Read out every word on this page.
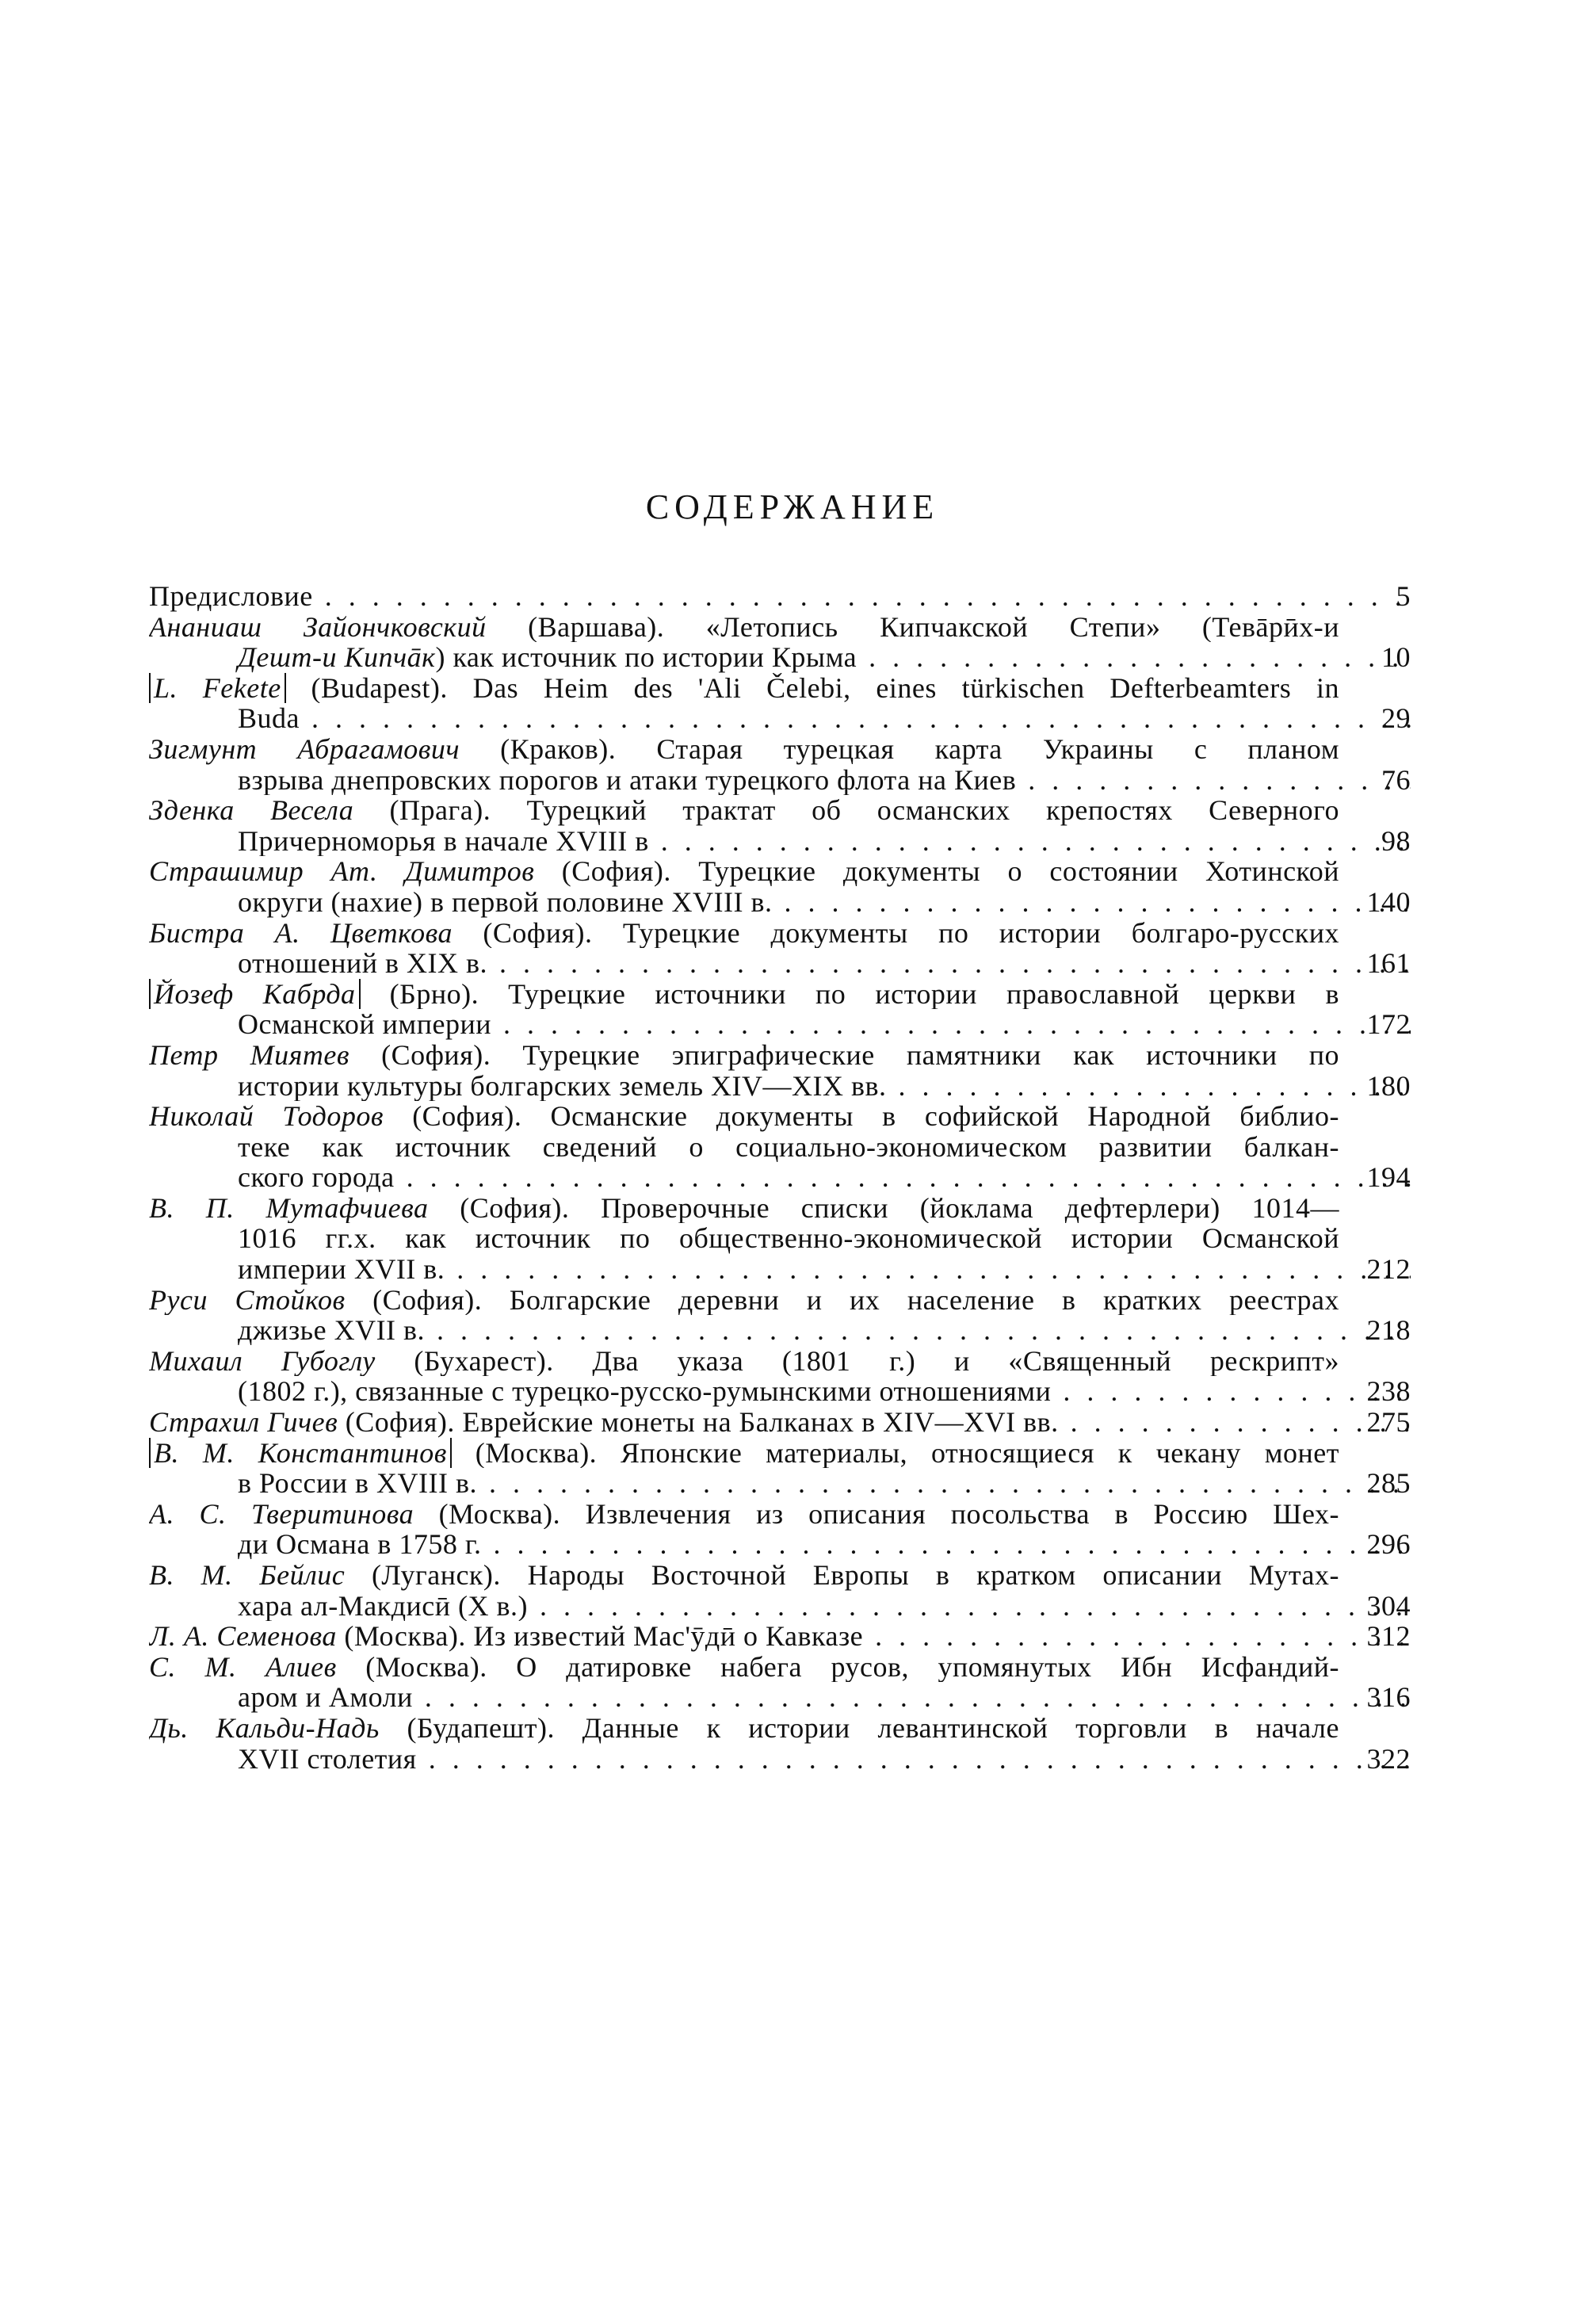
СОДЕРЖАНИЕ
Предисловие . . .	5
Ананиаш Зайончковский (Варшава). «Летопись Кипчакской Степи» (Тевāрӣх-и
Дешт-и Кипчāк) как источник по истории Крыма . . .	10
L. Fekete (Budapest). Das Heim des 'Ali Čelebi, eines türkischen Defterbeamters in
Buda . . .	29
Зигмунт Абрагамович (Краков). Старая турецкая карта Украины с планом
взрыва днепровских порогов и атаки турецкого флота на Киев . . .	76
Зденка Весела (Прага). Турецкий трактат об османских крепостях Северного
Причерноморья в начале XVIII в . . .	98
Страшимир Ат. Димитров (София). Турецкие документы о состоянии Хотинской
округи (нахие) в первой половине XVIII в. . . .	140
Бистра А. Цветкова (София). Турецкие документы по истории болгаро-русских
отношений в XIX в. . . .	161
Йозеф Кабрда (Брно). Турецкие источники по истории православной церкви в
Османской империи . . .	172
Петр Миятев (София). Турецкие эпиграфические памятники как источники по
истории культуры болгарских земель XIV—XIX вв. . . .	180
Николай Тодоров (София). Османские документы в софийской Народной библио-
теке как источник сведений о социально-экономическом развитии балкан-
ского города . . .	194
В. П. Мутафчиева (София). Проверочные списки (йоклама дефтерлери) 1014—
1016 гг.х. как источник по общественно-экономической истории Османской
империи XVII в. . . .	212
Руси Стойков (София). Болгарские деревни и их население в кратких реестрах
джизье XVII в. . . .	218
Михаил Губоглу (Бухарест). Два указа (1801 г.) и «Священный рескрипт»
(1802 г.), связанные с турецко-русско-румынскими отношениями . . .	238
Страхил Гичев (София). Еврейские монеты на Балканах в XIV—XVI вв. . . .	275
В. М. Константинов (Москва). Японские материалы, относящиеся к чекану монет
в России в XVIII в. . . .	285
А. С. Тверитинова (Москва). Извлечения из описания посольства в Россию Шех-
ди Османа в 1758 г. . . .	296
В. М. Бейлис (Луганск). Народы Восточной Европы в кратком описании Мутах-
хара ал-Макдисӣ (X в.) . . .	304
Л. А. Семенова (Москва). Из известий Мас'ӯдӣ о Кавказе . . .	312
С. М. Алиев (Москва). О датировке набега русов, упомянутых Ибн Исфандий-
аром и Амоли . . .	316
Дь. Кальди-Надь (Будапешт). Данные к истории левантинской торговли в начале
XVII столетия . . .	322
